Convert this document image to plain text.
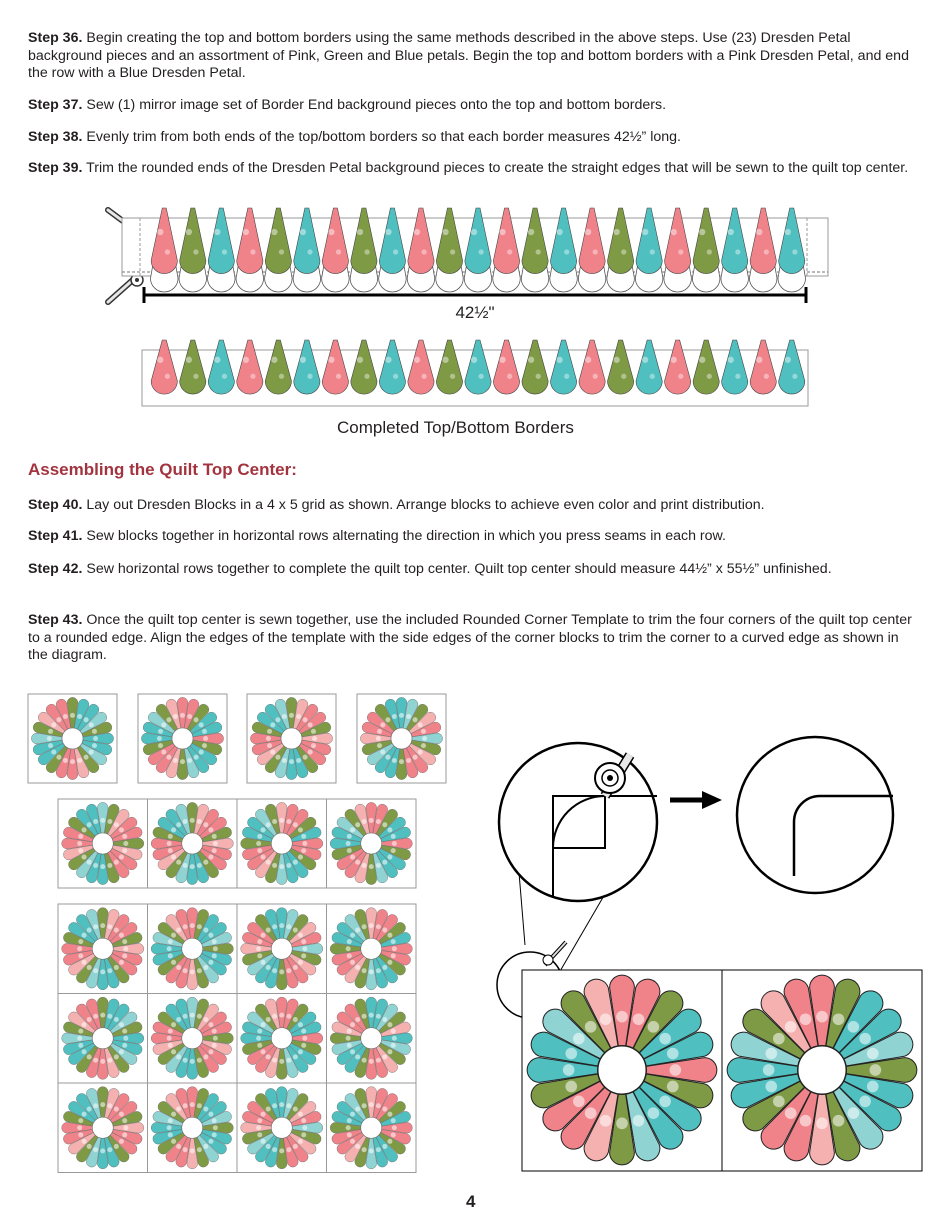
Step 36. Begin creating the top and bottom borders using the same methods described in the above steps. Use (23) Dresden Petal background pieces and an assortment of Pink, Green and Blue petals. Begin the top and bottom borders with a Pink Dresden Petal, and end the row with a Blue Dresden Petal.
Step 37. Sew (1) mirror image set of Border End background pieces onto the top and bottom borders.
Step 38. Evenly trim from both ends of the top/bottom borders so that each border measures 42½” long.
Step 39. Trim the rounded ends of the Dresden Petal background pieces to create the straight edges that will be sewn to the quilt top center.
42½"
Completed Top/Bottom Borders
Assembling the Quilt Top Center:
Step 40. Lay out Dresden Blocks in a 4 x 5 grid as shown. Arrange blocks to achieve even color and print distribution.
Step 41. Sew blocks together in horizontal rows alternating the direction in which you press seams in each row.
Step 42. Sew horizontal rows together to complete the quilt top center. Quilt top center should measure 44½” x 55½” unfinished.
Step 43. Once the quilt top center is sewn together, use the included Rounded Corner Template to trim the four corners of the quilt top center to a rounded edge. Align the edges of the template with the side edges of the corner blocks to trim the corner to a curved edge as shown in the diagram.
4
